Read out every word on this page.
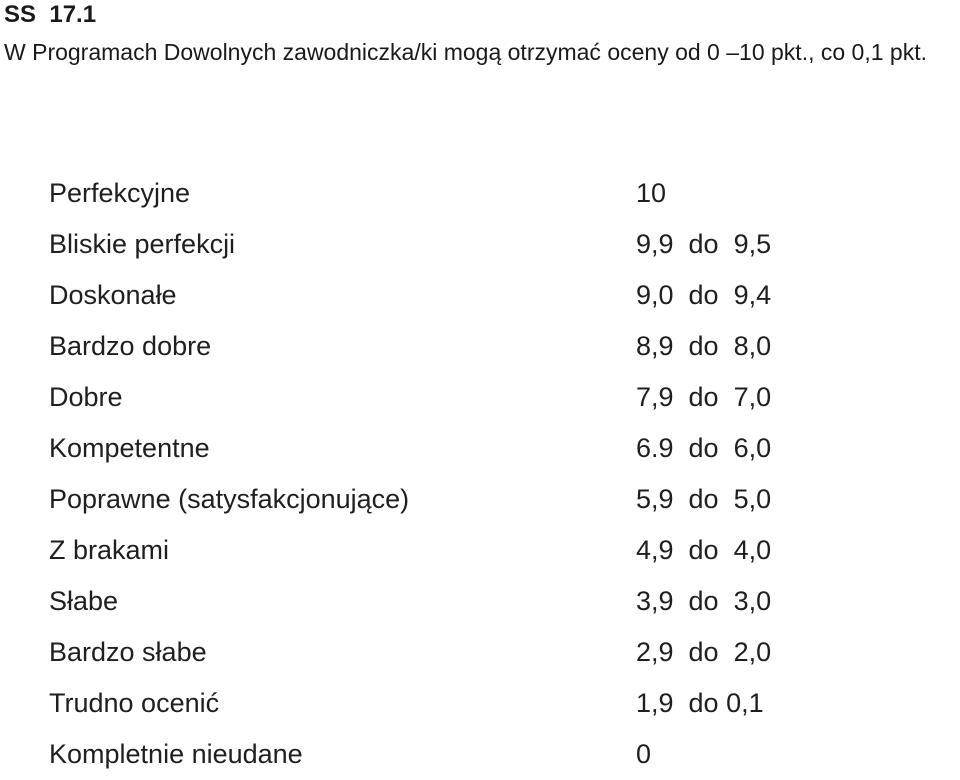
SS  17.1

W Programach Dowolnych zawodniczka/ki mogą otrzymać oceny od 0 –10 pkt., co 0,1 pkt.

Perfekcyjne	10
Bliskie perfekcji	9,9  do  9,5
Doskonałe	9,0  do  9,4
Bardzo dobre	8,9  do  8,0
Dobre	7,9  do  7,0
Kompetentne	6.9  do  6,0
Poprawne (satysfakcjonujące)	5,9  do  5,0
Z brakami	4,9  do  4,0
Słabe	3,9  do  3,0
Bardzo słabe	2,9  do  2,0
Trudno ocenić	1,9  do 0,1
Kompletnie nieudane	0
